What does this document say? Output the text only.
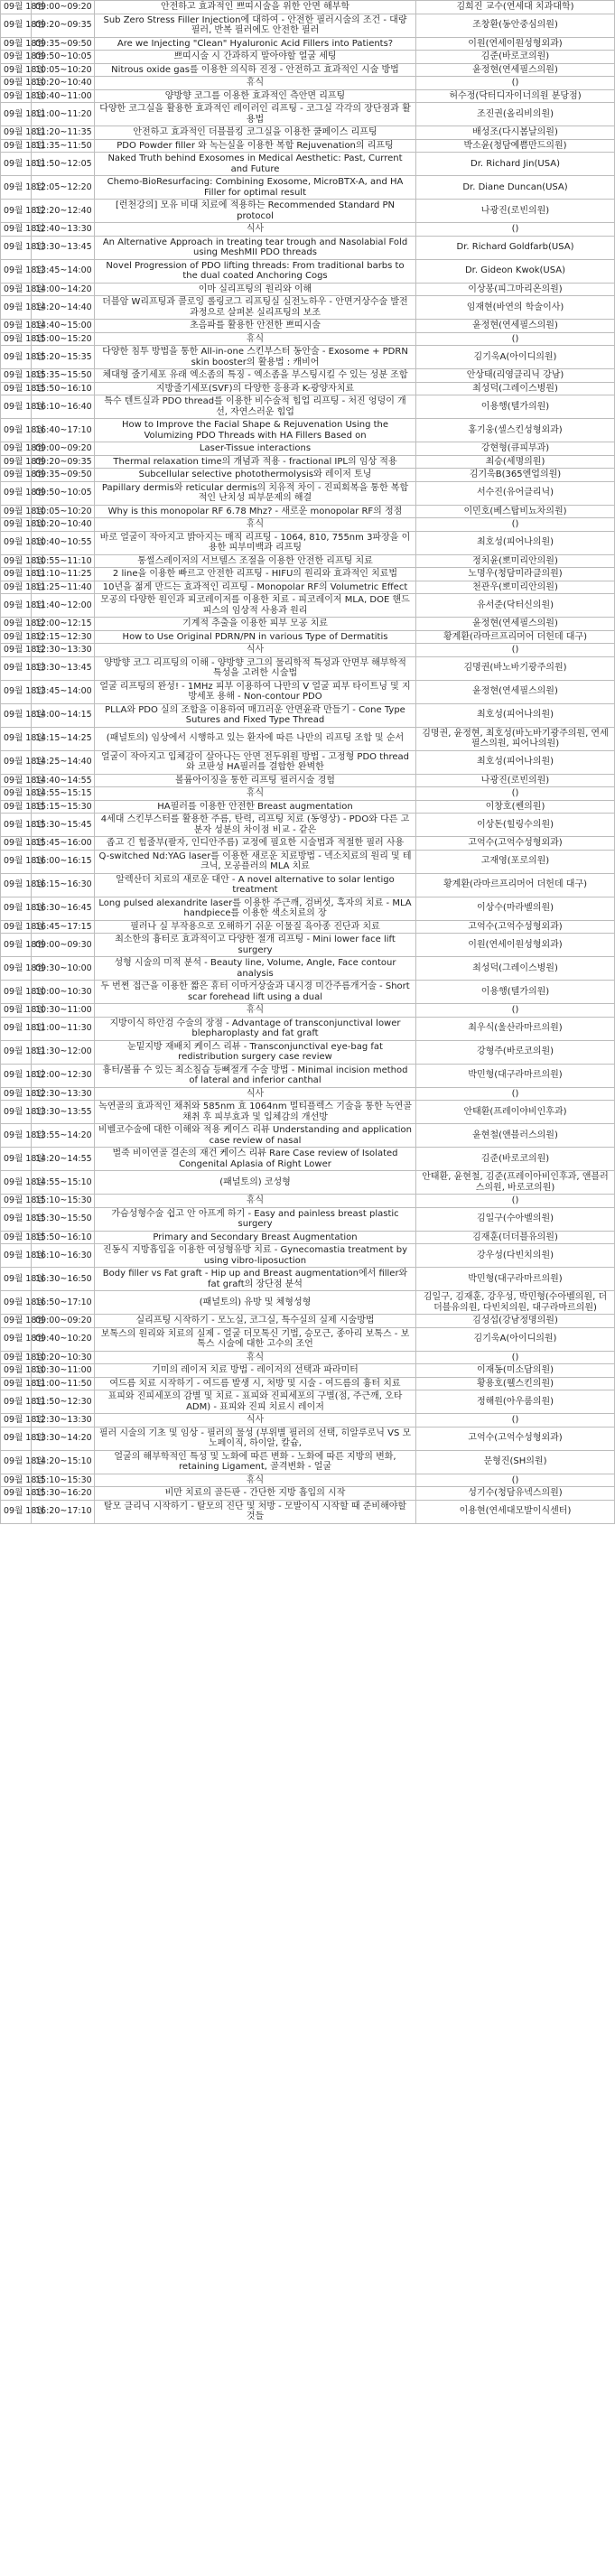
09월 18일	09:00~09:20	안전하고 효과적인 쁘띠시술을 위한 안면 해부학	김희진 교수(연세대 치과대학)
09월 18일	09:20~09:35	Sub Zero Stress Filler Injection에 대하여 - 안전한 필러시술의 조건 - 대량 필러, 반복 필러에도 안전한 필러	조창환(동안중심의원)
09월 18일	09:35~09:50	Are we Injecting "Clean" Hyaluronic Acid Fillers into Patients?	이원(연세이원성형외과)
09월 18일	09:50~10:05	쁘띠시술 시 간과하지 말아야할 얼굴 세팅	김준(바로코의원)
09월 18일	10:05~10:20	Nitrous oxide gas를 이용한 의식하 진정 - 안전하고 효과적인 시술 방법	윤정현(연세필스의원)
09월 18일	10:20~10:40	휴식	()
09월 18일	10:40~11:00	양방향 코그를 이용한 효과적인 측안면 리프팅	허수정(닥터디자이너의원 분당점)
09월 18일	11:00~11:20	다양한 코그실을 활용한 효과적인 레이러인 리프팅 - 코그실 각각의 장단점과 활용법	조진권(올리비의원)
09월 18일	11:20~11:35	안전하고 효과적인 더블블킹 코그실을 이용한 쿨페이스 리프팅	배성조(다시봄날의원)
09월 18일	11:35~11:50	PDO Powder filler 와 녹는실을 이용한 복합 Rejuvenation의 리프팅	박소윤(청담예쁨만드의원)
09월 18일	11:50~12:05	Naked Truth behind Exosomes in Medical Aesthetic: Past, Current and Future	Dr. Richard Jin(USA)
09월 18일	12:05~12:20	Chemo-BioResurfacing: Combining Exosome, MicroBTX-A, and HA Filler for optimal result	Dr. Diane Duncan(USA)
09월 18일	12:20~12:40	[런천강의] 모유 비대 치료에 적용하는 Recommended Standard PN protocol	나광진(로빈의원)
09월 18일	12:40~13:30	식사	()
09월 18일	13:30~13:45	An Alternative Approach in treating tear trough and Nasolabial Fold using MeshMII PDO threads	Dr. Richard Goldfarb(USA)
09월 18일	13:45~14:00	Novel Progression of PDO lifting threads: From traditional barbs to the dual coated Anchoring Cogs	Dr. Gideon Kwok(USA)
09월 18일	14:00~14:20	이마 실리프팅의 원리와 이해	이상봉(피그마리온의원)
09월 18일	14:20~14:40	더블암 W리프팅과 콜로잉 롤링코그 리프팅실 실전노하우 - 안면거상수술 발전 과정으로 살펴본 실리프팅의 보조	임재현(바연의 학술이사)
09월 18일	14:40~15:00	초음파를 활용한 안전한 쁘띠시술	윤정현(연세필스의원)
09월 18일	15:00~15:20	휴식	()
09월 18일	15:20~15:35	다양한 침투 방법을 통한 All-in-one 스킨부스터 동안술 - Exosome + PDRN skin booster의 활용법 : 캐비어	김기욱A(아이디의원)
09월 18일	15:35~15:50	체대형 줄기세포 유래 엑소좀의 특징 - 엑소좀을 부스팅시킬 수 있는 성분 조합	안상태(리영클리닉 강남)
09월 18일	15:50~16:10	지방줄기세포(SVF)의 다양한 응용과 K-광양자치료	최성덕(그레이스병원)
09월 18일	16:10~16:40	특수 텐트실과 PDO thread를 이용한 비수술적 힙업 리프팅 - 처진 엉덩이 개선, 자연스러운 힙업	이용행(텔가의원)
09월 18일	16:40~17:10	How to Improve the Facial Shape & Rejuvenation Using the Volumizing PDO Threads with HA Fillers Based on	홍기웅(셀스킨성형외과)
09월 18일	09:00~09:20	Laser-Tissue interactions	강현형(큐피부과)
09월 18일	09:20~09:35	Thermal relaxation time의 개념과 적용 - fractional IPL의 임상 적용	최승(세명의원)
09월 18일	09:35~09:50	Subcellular selective photothermolysis와 레이저 토닝	김기욱B(365엔업의원)
09월 18일	09:50~10:05	Papillary dermis와 reticular dermis의 치유적 차이 - 진피회복을 통한 복합적인 난치성 피부문제의 해결	서수진(유어클리닉)
09월 18일	10:05~10:20	Why is this monopolar RF 6.78 Mhz? - 새로운 monopolar RF의 정점	이민호(베스탑비뇨차의원)
09월 18일	10:20~10:40	휴식	()
09월 18일	10:40~10:55	바로 얼굴이 작아지고 밝아지는 매직 리프팅 - 1064, 810, 755nm 3파장을 이용한 피부미백과 리프팅	최호성(피어나의원)
09월 18일	10:55~11:10	통썰스레이저의 서브텔스 조절을 이용한 안전한 리프팅 치료	정치윤(뽀미리안의원)
09월 18일	11:10~11:25	2 line을 이용한 빠르고 안전한 리프팅 - HIFU의 원리와 효과적인 치료법	노명우(청담미라클의원)
09월 18일	11:25~11:40	10년을 젊게 만드는 효과적인 리프팅 - Monopolar RF의 Volumetric Effect	천관우(뽀미리안의원)
09월 18일	11:40~12:00	모공의 다양한 원인과 피코레이저를 이용한 치료 - 피코레이저 MLA, DOE 핸드피스의 임상적 사용과 원리	유서준(닥터신의원)
09월 18일	12:00~12:15	기계적 추출을 이용한 피부 모공 치료	윤정현(연세필스의원)
09월 18일	12:15~12:30	How to Use Original PDRN/PN in various Type of Dermatitis	황계환(라마르프리머어 더헌데 대구)
09월 18일	12:30~13:30	식사	()
09월 18일	13:30~13:45	양방향 코그 리프팅의 이해 - 양방향 코그의 물리학적 특성과 안면부 해부학적 특성을 고려한 시술법	김명권(바노바기광주의원)
09월 18일	13:45~14:00	얼굴 리프팅의 완성! - 1MHz 피부 이용하여 나만의 V 얼굴 피부 타이트닝 및 지방세포 용해 - Non-contour PDO	윤정현(연세필스의원)
09월 18일	14:00~14:15	PLLA와 PDO 실의 조합을 이용하여 매끄러운 안면윤곽 만들기 - Cone Type Sutures and Fixed Type Thread	최호성(피어나의원)
09월 18일	14:15~14:25	(패널토의) 임상에서 시행하고 있는 환자에 따른 나만의 리프팅 조합 및 순서	김명권, 윤정현, 최호성(바노바기광주의원, 연세필스의원, 피어나의원)
09월 18일	14:25~14:40	얼굴이 작아지고 입체감이 살아나는 안면 전두위원 방법 - 고정형 PDO thread와 코판성 HA필러를 결합한 완벽한	최호성(피어나의원)
09월 18일	14:40~14:55	볼륨아이징을 통한 리프팅 필러시술 경험	나광진(로빈의원)
09월 18일	14:55~15:15	휴식	()
09월 18일	15:15~15:30	HA필러를 이용한 안전한 Breast augmentation	이창호(쎈의원)
09월 18일	15:30~15:45	4세대 스킨부스터를 활용한 주름, 탄력, 리프팅 치료 (동영상) - PDO와 다른 고분자 성분의 차이점 비교 - 같은	이상돈(힐링수의원)
09월 18일	15:45~16:00	좁고 긴 힘줄부(팔자, 인디안주름) 교정에 필요한 시술법과 적절한 필러 사용	고억수(고억수성형외과)
09월 18일	16:00~16:15	Q-switched Nd:YAG laser를 이용한 새로운 치료방법 - 넥소치료의 원리 및 테크닉, 모공플러의 MLA 치료	고재영(포로의원)
09월 18일	16:15~16:30	알렉산더 치료의 새로운 대안 - A novel alternative to solar lentigo treatment	황계환(라마르프리머어 더헌데 대구)
09월 18일	16:30~16:45	Long pulsed alexandrite laser를 이용한 주근깨, 검버섯, 흑자의 치료 - MLA handpiece를 이용한 색소치료의 장	이상수(마라벨의원)
09월 18일	16:45~17:15	필러나 실 부작용으로 오해하기 쉬운 이물질 육아종 진단과 치료	고억수(고억수성형외과)
09월 18일	09:00~09:30	최소한의 흉터로 효과적이고 다양한 절개 리프팅 - Mini lower face lift surgery	이원(연세이원성형외과)
09월 18일	09:30~10:00	성형 시술의 미적 분석 - Beauty line, Volume, Angle, Face contour analysis	최성덕(그레이스병원)
09월 18일	10:00~10:30	두 번쩐 접근을 이용한 짧은 휴터 이마거상술과 내시경 미간주름개거술 - Short scar forehead lift using a dual	이용행(텔가의원)
09월 18일	10:30~11:00	휴식	()
09월 18일	11:00~11:30	지방이식 하안검 수술의 장점 - Advantage of transconjunctival lower blepharoplasty and fat graft	최우식(울산라마르의원)
09월 18일	11:30~12:00	눈밑지방 재배치 케이스 리뷰 - Transconjunctival eye-bag fat redistribution surgery case review	강형주(바로코의원)
09월 18일	12:00~12:30	흉터/볼륨 수 있는 최소침습 등뼈절개 수술 방법 - Minimal incision method of lateral and inferior canthal	박민형(대구라마르의원)
09월 18일	12:30~13:30	식사	()
09월 18일	13:30~13:55	녹연골의 효과적인 채취와 585nm 효 1064nm 멀티플렉스 기술을 통한 녹연골 채취 후 피부효과 및 입체감의 개선방	안태환(프레이야비인후과)
09월 18일	13:55~14:20	비벨코수술에 대한 이해와 적용 케이스 리뷰 Understanding and application case review of nasal	윤현철(앤블러스의원)
09월 18일	14:20~14:55	벌죽 비이연골 결손의 재건 케이스 리뷰 Rare Case review of Isolated Congenital Aplasia of Right Lower	김준(바로코의원)
09월 18일	14:55~15:10	(패널토의) 코성형	안태환, 윤현철, 김준(프레이아비인후과, 앤블러스의원, 바로코의원)
09월 18일	15:10~15:30	휴식	()
09월 18일	15:30~15:50	가슴성형수술 쉽고 안 아프게 하기 - Easy and painless breast plastic surgery	김일구(수아벨의원)
09월 18일	15:50~16:10	Primary and Secondary Breast Augmentation	김재훈(더더블유의원)
09월 18일	16:10~16:30	진동식 지방흡입을 이용한 여성형유방 치료 - Gynecomastia treatment by using vibro-liposuction	강우성(다빈치의원)
09월 18일	16:30~16:50	Body filler vs Fat graft - Hip up and Breast augmentation에서 filler와 fat graft의 장단점 분석	박민형(대구라마르의원)
09월 18일	16:50~17:10	(패널토의) 유방 및 체형성형	김일구, 김재훈, 강우성, 박민형(수아벨의원, 더더블유의원, 다빈치의원, 대구라마르의원)
09월 18일	09:00~09:20	실리프팅 시작하기 - 모노실, 코그실, 특수실의 실제 시술방법	김성섭(강남정명의원)
09월 18일	09:40~10:20	보톡스의 원리와 치료의 실제 - 얼굴 더모톡신 기법, 승모근, 종아리 보톡스 - 보톡스 시술에 대한 고수의 조언	김기욱A(아이디의원)
09월 18일	10:20~10:30	휴식	()
09월 18일	10:30~11:00	기미의 레이저 치료 방법 - 레이저의 선택과 파라미터	이재동(미소담의원)
09월 18일	11:00~11:50	여드름 치료 시작하기 - 여드름 발생 시, 처방 및 시술 - 여드름의 흉터 치료	황용호(웰스킨의원)
09월 18일	11:50~12:30	표피와 진피세포의 감별 및 치료 - 표피와 진피세포의 구별(점, 주근깨, 오타 ADM) - 표피와 진피 치료시 레이저	정해원(아우룸의원)
09월 18일	12:30~13:30	식사	()
09월 18일	13:30~14:20	필러 시술의 기초 및 임상 - 필러의 물성 (부위별 필러의 선택, 히알루로닉 VS 모노페이직, 하이알, 칼슘,	고억수(고억수성형외과)
09월 18일	14:20~15:10	얼굴의 해부학적인 특성 및 노화에 따른 변화 - 노화에 따른 지방의 변화, retaining Ligament, 골격변화 - 얼굴	문형진(SH의원)
09월 18일	15:10~15:30	휴식	()
09월 18일	15:30~16:20	비만 치료의 골든판 - 간단한 지방 흡입의 시작	성기수(청담유넥스의원)
09월 18일	16:20~17:10	탈모 클리닉 시작하기 - 탈모의 진단 및 처방 - 모발이식 시작할 때 준비해야할 것들	이용현(연세대모발이식센터)
